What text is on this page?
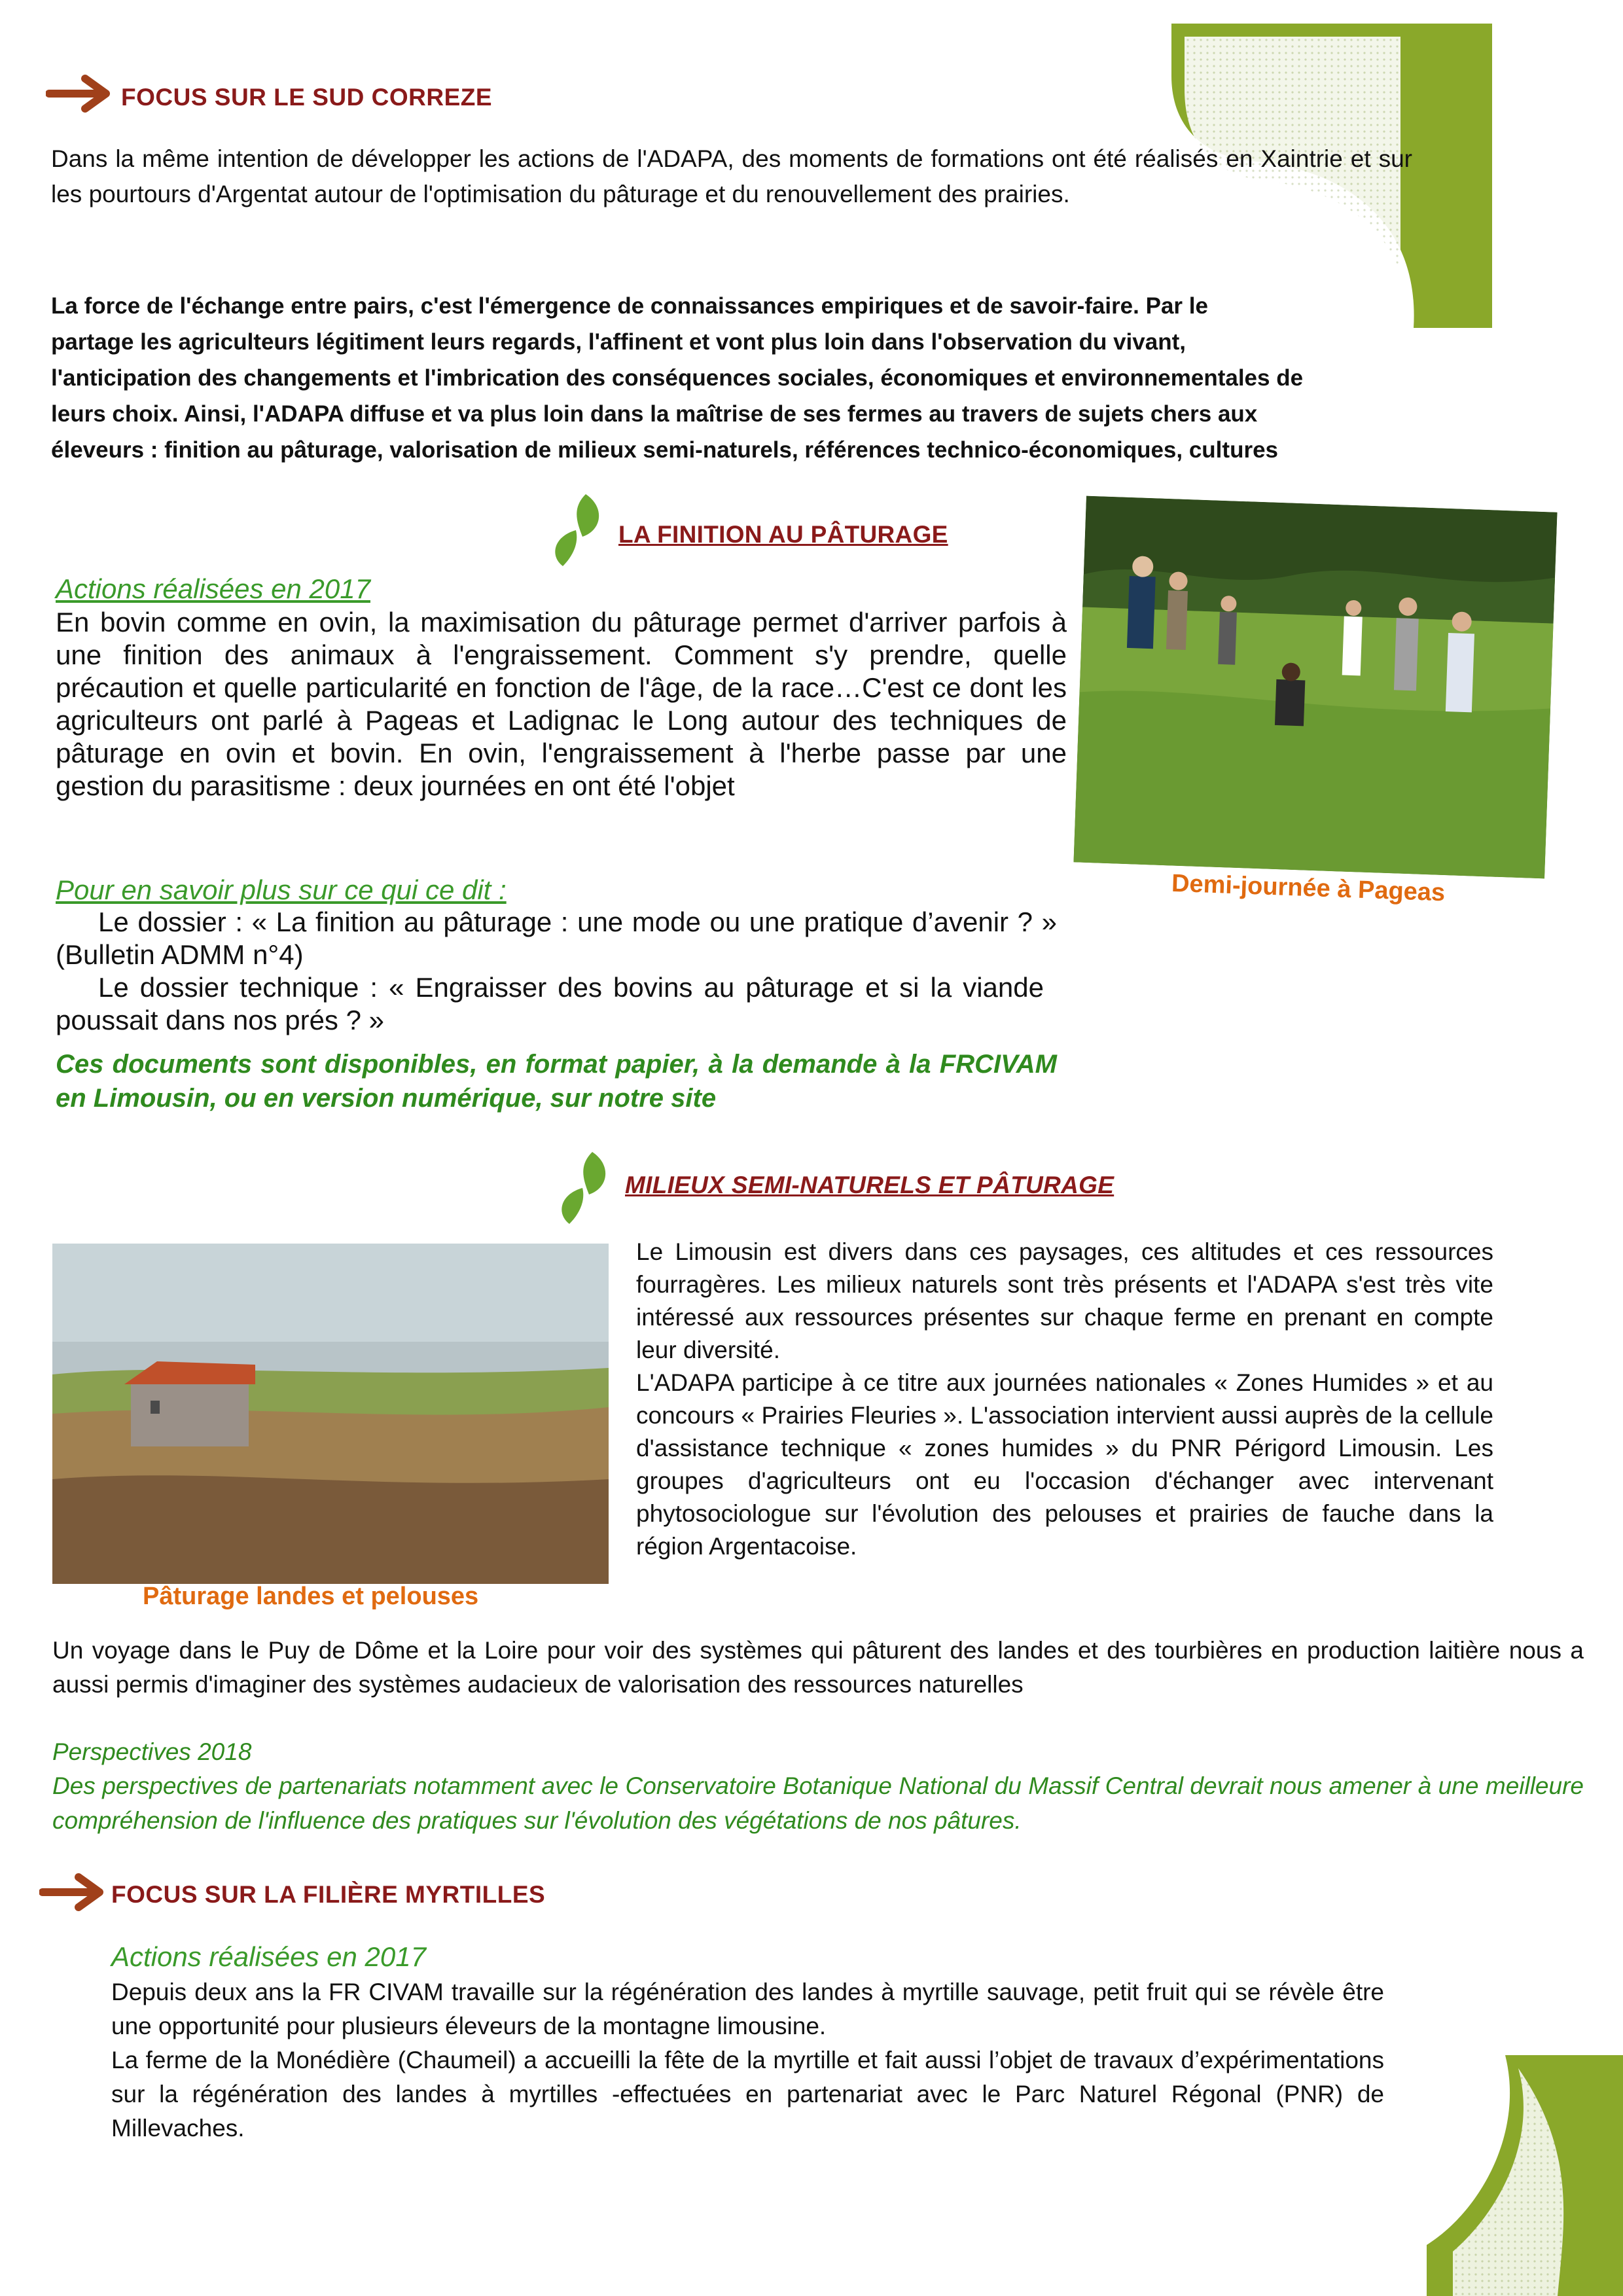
FOCUS SUR LE SUD CORREZE
Dans la même intention de développer les actions de l'ADAPA, des moments de formations ont été réalisés en Xaintrie et sur les pourtours d'Argentat autour de l'optimisation du pâturage et du renouvellement des prairies.
La force de l'échange entre pairs, c'est l'émergence de connaissances empiriques et de savoir-faire. Par le
partage les agriculteurs légitiment leurs regards, l'affinent et vont plus loin dans l'observation du vivant,
l'anticipation des changements et l'imbrication des conséquences sociales, économiques et environnementales de
leurs choix. Ainsi, l'ADAPA diffuse et va plus loin dans la maîtrise de ses fermes au travers de sujets chers aux
éleveurs : finition au pâturage, valorisation de milieux semi-naturels, références technico-économiques, cultures
LA FINITION AU PÂTURAGE
Actions réalisées en 2017
En bovin comme en ovin, la maximisation du pâturage permet d'arriver parfois à une finition des animaux à l'engraissement. Comment s'y prendre, quelle précaution et quelle particularité en fonction de l'âge, de la race…C'est ce dont les agriculteurs ont parlé à Pageas et Ladignac le Long autour des techniques de pâturage en ovin et bovin. En ovin, l'engraissement à l'herbe passe par une gestion du parasitisme : deux journées en ont été l'objet
Pour en savoir plus sur ce qui ce dit :
Le dossier : « La finition au pâturage : une mode ou une pratique d’avenir ? » (Bulletin ADMM n°4)
Le dossier technique : « Engraisser des bovins au pâturage et si la viande poussait dans nos prés ? »
Ces documents sont disponibles, en format papier, à la demande à la FRCIVAM en Limousin, ou en version numérique, sur notre site
Demi-journée à Pageas
MILIEUX SEMI-NATURELS ET PÂTURAGE
Pâturage landes et pelouses
Le Limousin est divers dans ces paysages, ces altitudes et ces ressources fourragères. Les milieux naturels sont très présents et l'ADAPA s'est très vite intéressé aux ressources présentes sur chaque ferme en prenant en compte leur diversité.
L'ADAPA participe à ce titre aux journées nationales « Zones Humides » et au concours « Prairies Fleuries ». L'association intervient aussi auprès de la cellule d'assistance technique « zones humides » du PNR Périgord Limousin. Les groupes d'agriculteurs ont eu l'occasion d'échanger avec intervenant phytosociologue sur l'évolution des pelouses et prairies de fauche dans la région Argentacoise.
Un voyage dans le Puy de Dôme et la Loire pour voir des systèmes qui pâturent des landes et des tourbières en production laitière nous a aussi permis d'imaginer des systèmes audacieux de valorisation des ressources naturelles
Perspectives 2018
Des perspectives de partenariats notamment avec le Conservatoire Botanique National du Massif Central devrait nous amener à une meilleure compréhension de l'influence des pratiques sur l'évolution des végétations de nos pâtures.
FOCUS SUR LA FILIÈRE MYRTILLES
Actions réalisées en 2017
Depuis deux ans la FR CIVAM travaille sur la régénération des landes à myrtille sauvage, petit fruit qui se révèle être une opportunité pour plusieurs éleveurs de la montagne limousine.
La ferme de la Monédière (Chaumeil) a accueilli la fête de la myrtille et fait aussi l’objet de travaux d’expérimentations sur la régénération des landes à myrtilles -effectuées en partenariat avec le Parc Naturel Régonal (PNR) de Millevaches.
